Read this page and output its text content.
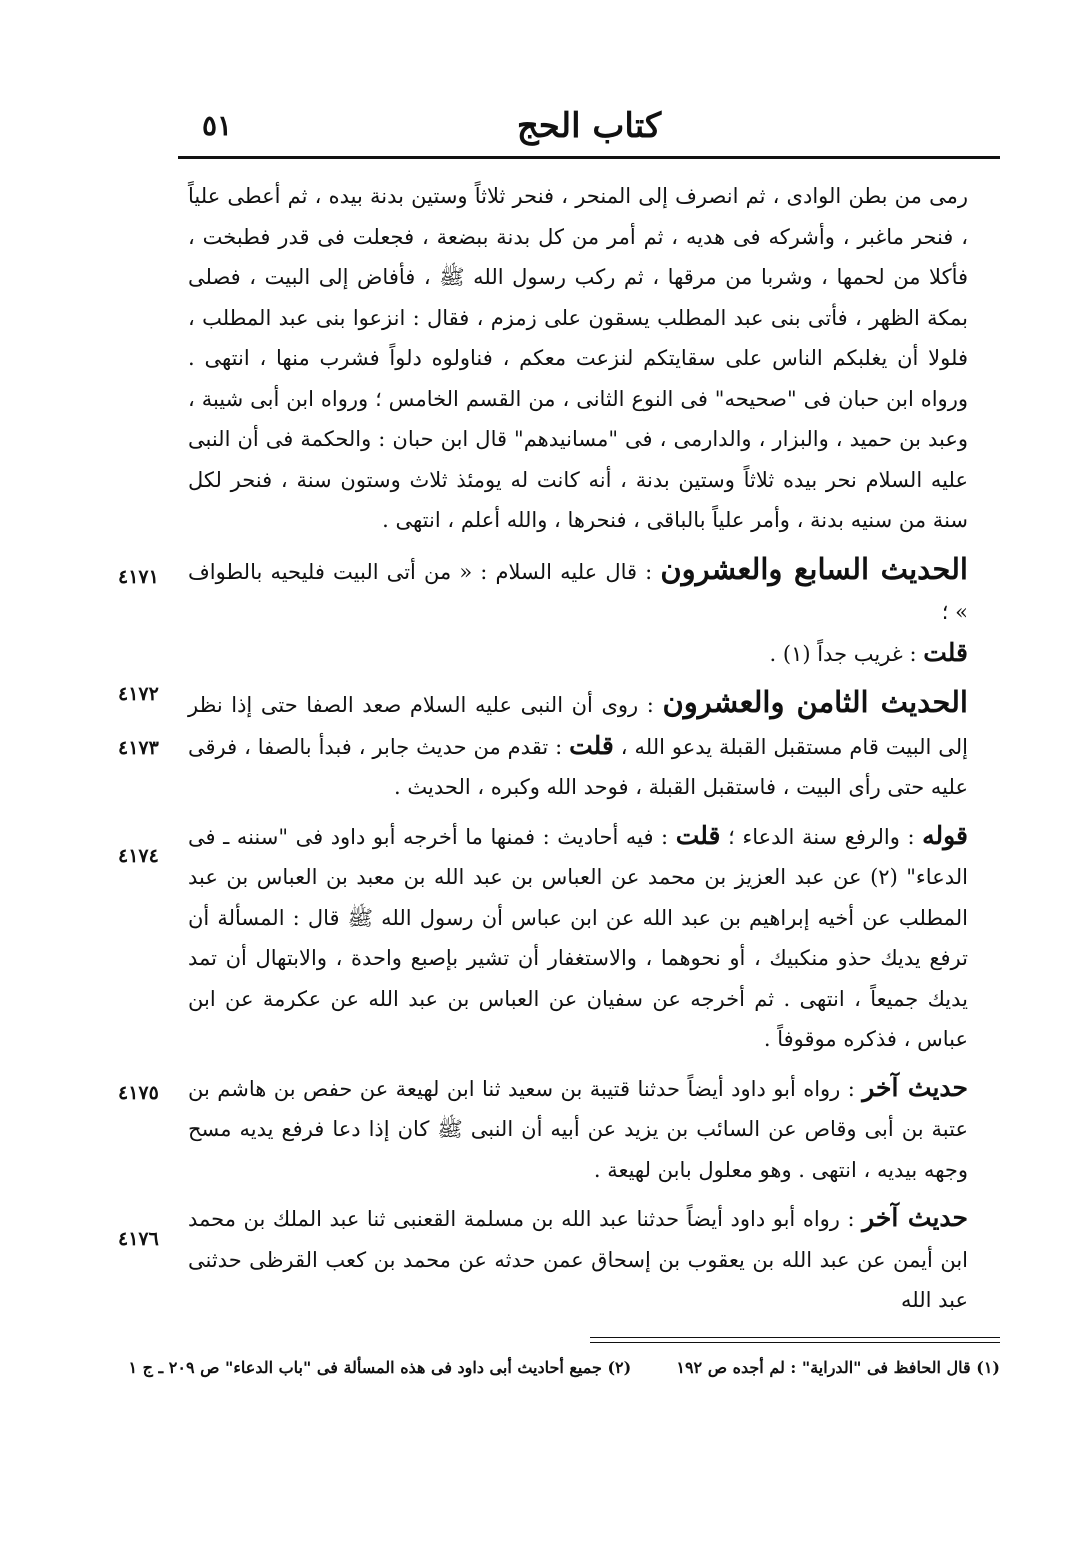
كتاب الحج
٥١
٤١٧١
٤١٧٢
٤١٧٣
٤١٧٤
٤١٧٥
٤١٧٦

رمى من بطن الوادى ، ثم انصرف إلى المنحر ، فنحر ثلاثاً وستين بدنة بيده ، ثم أعطى علياً ، فنحر ماغبر ، وأشركه فى هديه ، ثم أمر من كل بدنة ببضعة ، فجعلت فى قدر فطبخت ، فأكلا من لحمها ، وشربا من مرقها ، ثم ركب رسول الله ﷺ ، فأفاض إلى البيت ، فصلى بمكة الظهر ، فأتى بنى عبد المطلب يسقون على زمزم ، فقال : انزعوا بنى عبد المطلب ، فلولا أن يغلبكم الناس على سقايتكم لنزعت معكم ، فناولوه دلواً فشرب منها ، انتهى . ورواه ابن حبان فى "صحيحه" فى النوع الثانى ، من القسم الخامس ؛ ورواه ابن أبى شيبة ، وعبد بن حميد ، والبزار ، والدارمى ، فى "مسانيدهم" قال ابن حبان : والحكمة فى أن النبى عليه السلام نحر بيده ثلاثاً وستين بدنة ، أنه كانت له يومئذ ثلاث وستون سنة ، فنحر لكل سنة من سنيه بدنة ، وأمر علياً بالباقى ، فنحرها ، والله أعلم ، انتهى .

الحديث السابع والعشرون : قال عليه السلام : « من أتى البيت فليحيه بالطواف » ؛

قلت : غريب جداً (١) .

الحديث الثامن والعشرون : روى أن النبى عليه السلام صعد الصفا حتى إذا نظر إلى البيت قام مستقبل القبلة يدعو الله ، قلت : تقدم من حديث جابر ، فبدأ بالصفا ، فرقى عليه حتى رأى البيت ، فاستقبل القبلة ، فوحد الله وكبره ، الحديث .

قوله : والرفع سنة الدعاء ؛ قلت : فيه أحاديث : فمنها ما أخرجه أبو داود فى "سننه ـ فى الدعاء" (٢) عن عبد العزيز بن محمد عن العباس بن عبد الله بن معبد بن العباس بن عبد المطلب عن أخيه إبراهيم بن عبد الله عن ابن عباس أن رسول الله ﷺ قال : المسألة أن ترفع يديك حذو منكبيك ، أو نحوهما ، والاستغفار أن تشير بإصبع واحدة ، والابتهال أن تمد يديك جميعاً ، انتهى . ثم أخرجه عن سفيان عن العباس بن عبد الله عن عكرمة عن ابن عباس ، فذكره موقوفاً .

حديث آخر : رواه أبو داود أيضاً حدثنا قتيبة بن سعيد ثنا ابن لهيعة عن حفص بن هاشم بن عتبة بن أبى وقاص عن السائب بن يزيد عن أبيه أن النبى ﷺ كان إذا دعا فرفع يديه مسح وجهه بيديه ، انتهى . وهو معلول بابن لهيعة .

حديث آخر : رواه أبو داود أيضاً حدثنا عبد الله بن مسلمة القعنبى ثنا عبد الملك بن محمد ابن أيمن عن عبد الله بن يعقوب بن إسحاق عمن حدثه عن محمد بن كعب القرظى حدثنى عبد الله

(١) قال الحافظ فى "الدراية" : لم أجده ص ١٩٢  (٢) جميع أحاديث أبى داود فى هذه المسألة فى "باب الدعاء" ص ٢٠٩ ـ ج ١
